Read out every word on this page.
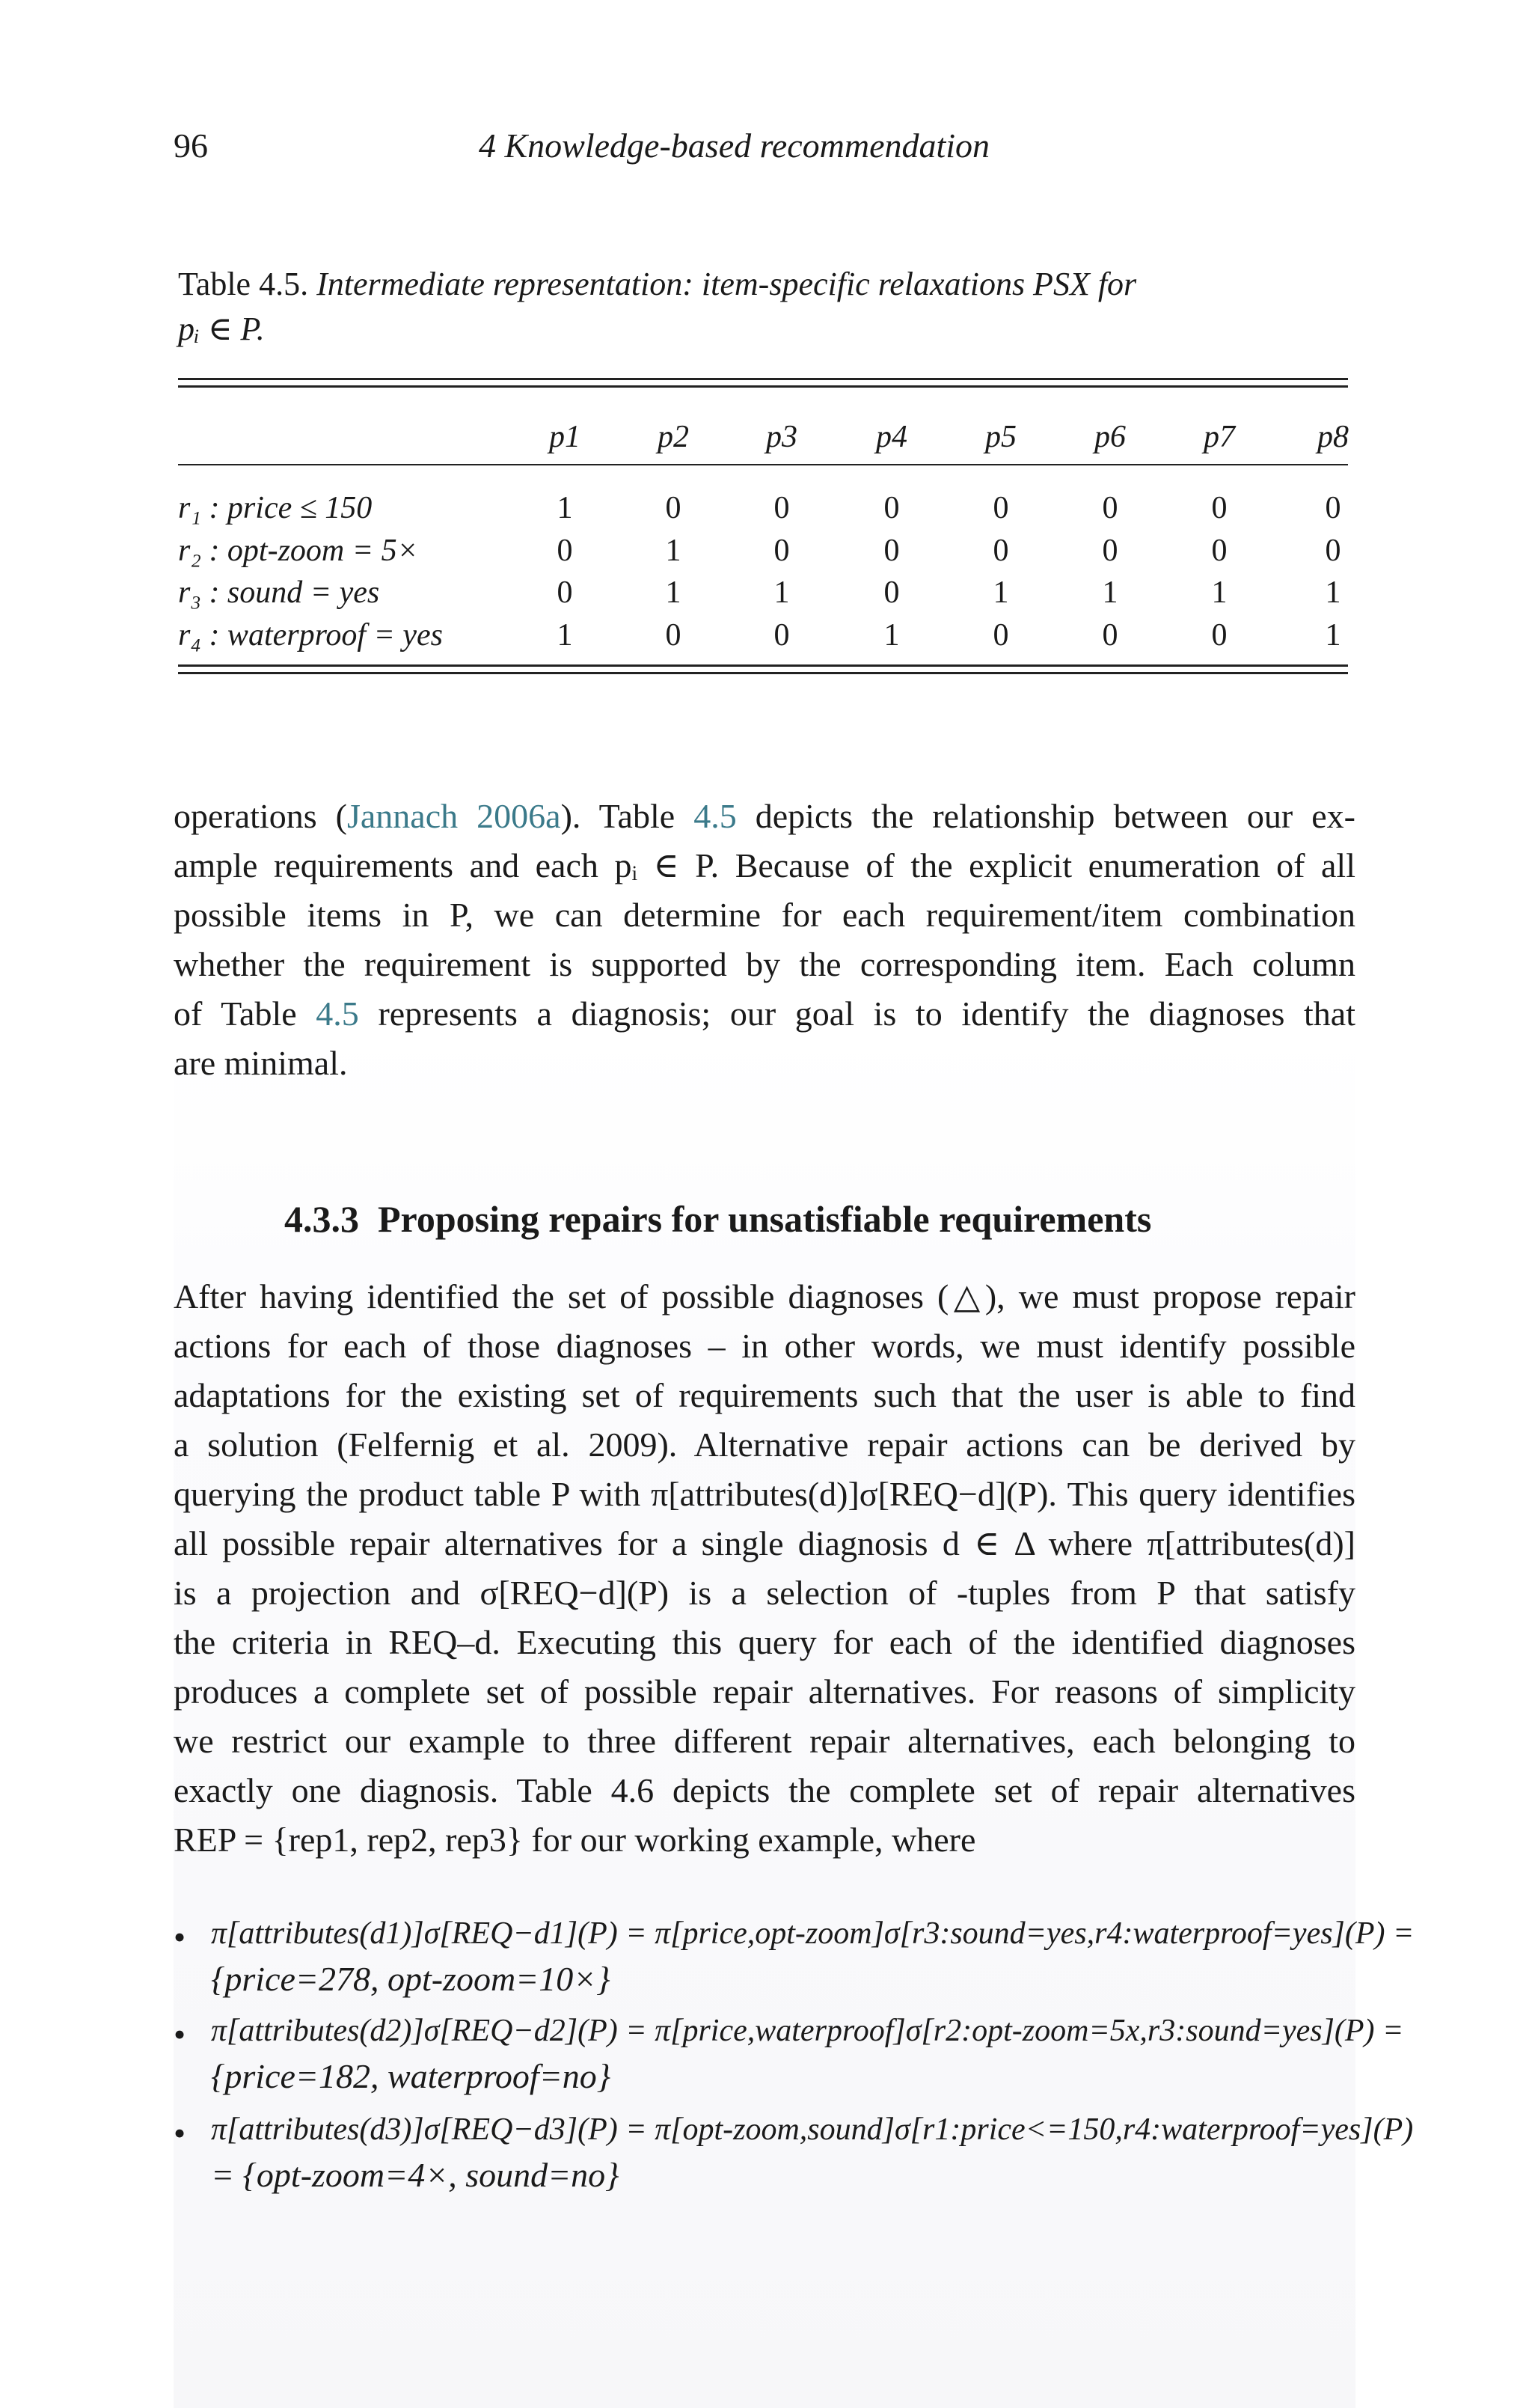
96	4 Knowledge-based recommendation
Table 4.5. Intermediate representation: item-specific relaxations PSX for
pᵢ ∈ P.
p1	p2	p3	p4	p5	p6	p7	p8
r₁ : price ≤ 150	1	0	0	0	0	0	0	0
r₂ : opt-zoom = 5×	0	1	0	0	0	0	0	0
r₃ : sound = yes	0	1	1	0	1	1	1	1
r₄ : waterproof = yes	1	0	0	1	0	0	0	1
operations (Jannach 2006a). Table 4.5 depicts the relationship between our ex-
ample requirements and each pᵢ ∈ P. Because of the explicit enumeration of all
possible items in P, we can determine for each requirement/item combination
whether the requirement is supported by the corresponding item. Each column
of Table 4.5 represents a diagnosis; our goal is to identify the diagnoses that
are minimal.
4.3.3 Proposing repairs for unsatisfiable requirements
After having identified the set of possible diagnoses (△), we must propose repair
actions for each of those diagnoses – in other words, we must identify possible
adaptations for the existing set of requirements such that the user is able to find
a solution (Felfernig et al. 2009). Alternative repair actions can be derived by
querying the product table P with π[attributes(d)]σ[REQ−d](P). This query identifies
all possible repair alternatives for a single diagnosis d ∈ Δ where π[attributes(d)]
is a projection and σ[REQ−d](P) is a selection of -tuples from P that satisfy
the criteria in REQ–d. Executing this query for each of the identified diagnoses
produces a complete set of possible repair alternatives. For reasons of simplicity
we restrict our example to three different repair alternatives, each belonging to
exactly one diagnosis. Table 4.6 depicts the complete set of repair alternatives
REP = {rep1, rep2, rep3} for our working example, where
• π[attributes(d1)]σ[REQ−d1](P) = π[price,opt-zoom]σ[r3:sound=yes,r4:waterproof=yes](P) =
{price=278, opt-zoom=10×}
• π[attributes(d2)]σ[REQ−d2](P) = π[price,waterproof]σ[r2:opt-zoom=5x,r3:sound=yes](P) =
{price=182, waterproof=no}
• π[attributes(d3)]σ[REQ−d3](P) = π[opt-zoom,sound]σ[r1:price<=150,r4:waterproof=yes](P)
= {opt-zoom=4×, sound=no}
